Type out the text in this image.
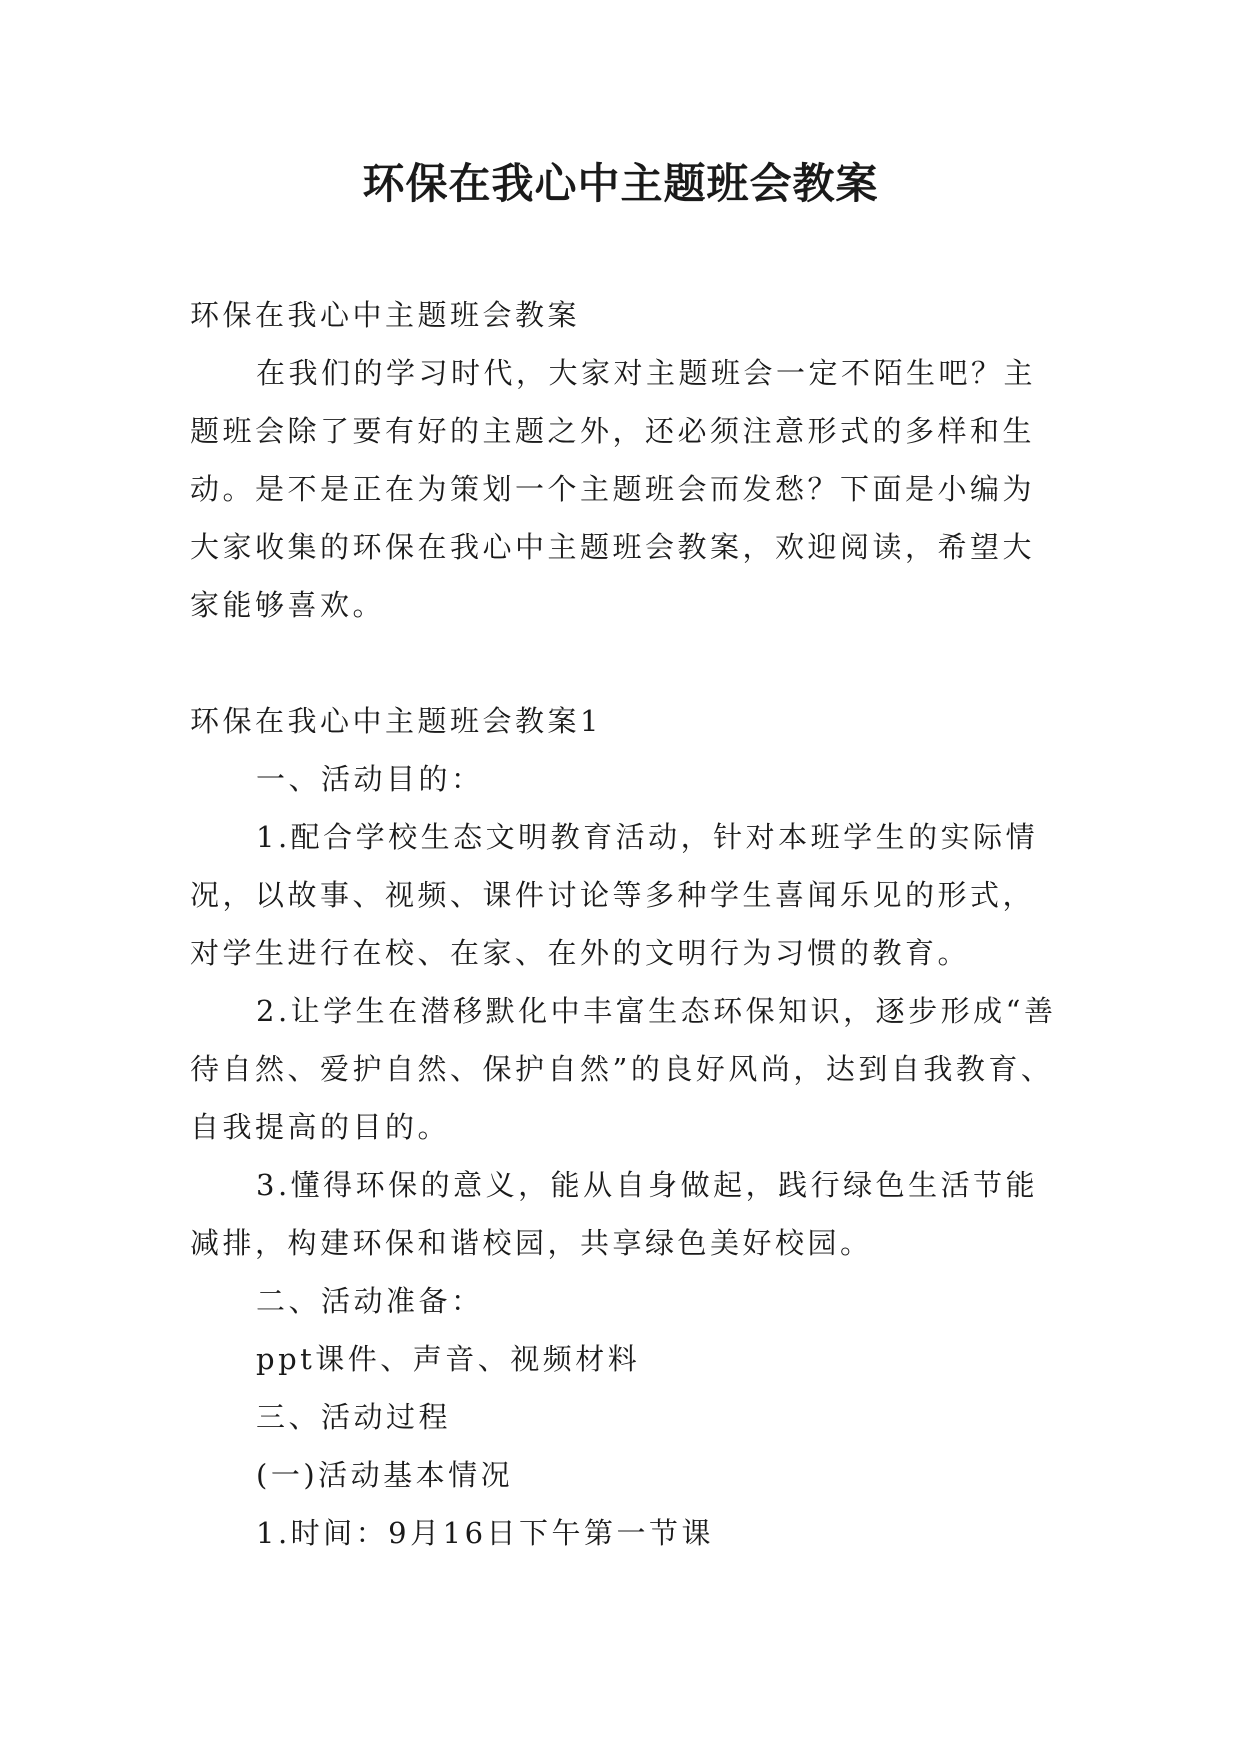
环保在我心中主题班会教案

环保在我心中主题班会教案

在我们的学习时代，大家对主题班会一定不陌生吧？主题班会除了要有好的主题之外，还必须注意形式的多样和生动。是不是正在为策划一个主题班会而发愁？下面是小编为大家收集的环保在我心中主题班会教案，欢迎阅读，希望大家能够喜欢。

环保在我心中主题班会教案1

一、活动目的：

1.配合学校生态文明教育活动，针对本班学生的实际情况，以故事、视频、课件讨论等多种学生喜闻乐见的形式，对学生进行在校、在家、在外的文明行为习惯的教育。

2.让学生在潜移默化中丰富生态环保知识，逐步形成“善待自然、爱护自然、保护自然”的良好风尚，达到自我教育、自我提高的目的。

3.懂得环保的意义，能从自身做起，践行绿色生活节能减排，构建环保和谐校园，共享绿色美好校园。

二、活动准备：

ppt课件、声音、视频材料

三、活动过程

(一)活动基本情况

1.时间：9月16日下午第一节课
